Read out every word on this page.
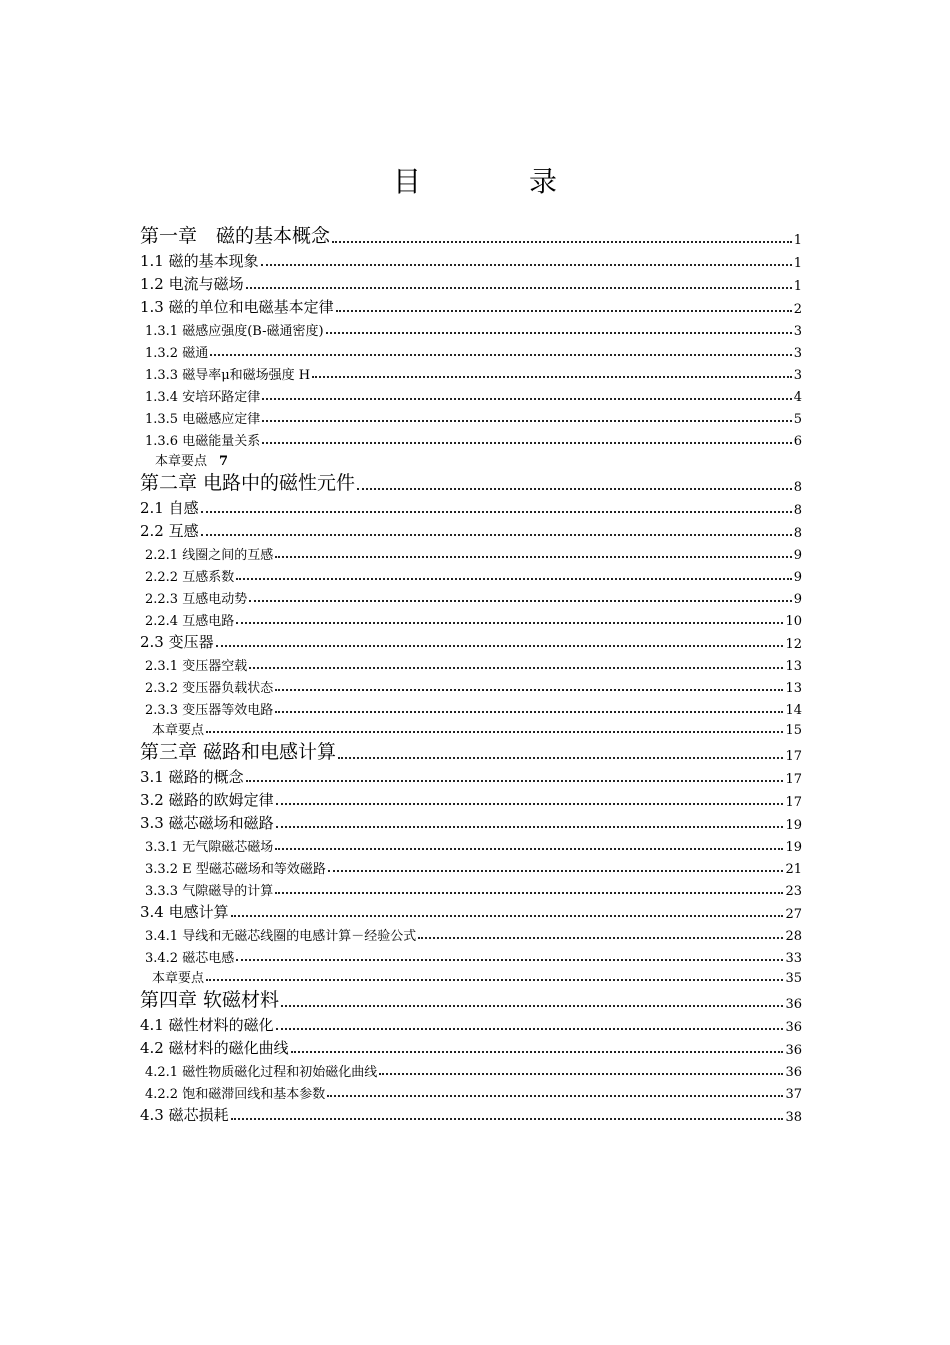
目　录
第一章　磁的基本概念	1
1.1 磁的基本现象	1
1.2 电流与磁场	1
1.3 磁的单位和电磁基本定律	2
1.3.1 磁感应强度(B-磁通密度)	3
1.3.2 磁通	3
1.3.3 磁导率μ和磁场强度 H	3
1.3.4 安培环路定律	4
1.3.5 电磁感应定律	5
1.3.6 电磁能量关系	6
本章要点 7
第二章 电路中的磁性元件	8
2.1 自感	8
2.2 互感	8
2.2.1 线圈之间的互感	9
2.2.2 互感系数	9
2.2.3 互感电动势	9
2.2.4 互感电路	10
2.3 变压器	12
2.3.1 变压器空载	13
2.3.2 变压器负载状态	13
2.3.3 变压器等效电路	14
本章要点	15
第三章 磁路和电感计算	17
3.1 磁路的概念	17
3.2 磁路的欧姆定律	17
3.3 磁芯磁场和磁路	19
3.3.1 无气隙磁芯磁场	19
3.3.2 E 型磁芯磁场和等效磁路	21
3.3.3 气隙磁导的计算	23
3.4 电感计算	27
3.4.1 导线和无磁芯线圈的电感计算－经验公式	28
3.4.2 磁芯电感	33
本章要点	35
第四章 软磁材料	36
4.1 磁性材料的磁化	36
4.2 磁材料的磁化曲线	36
4.2.1 磁性物质磁化过程和初始磁化曲线	36
4.2.2 饱和磁滞回线和基本参数	37
4.3 磁芯损耗	38
